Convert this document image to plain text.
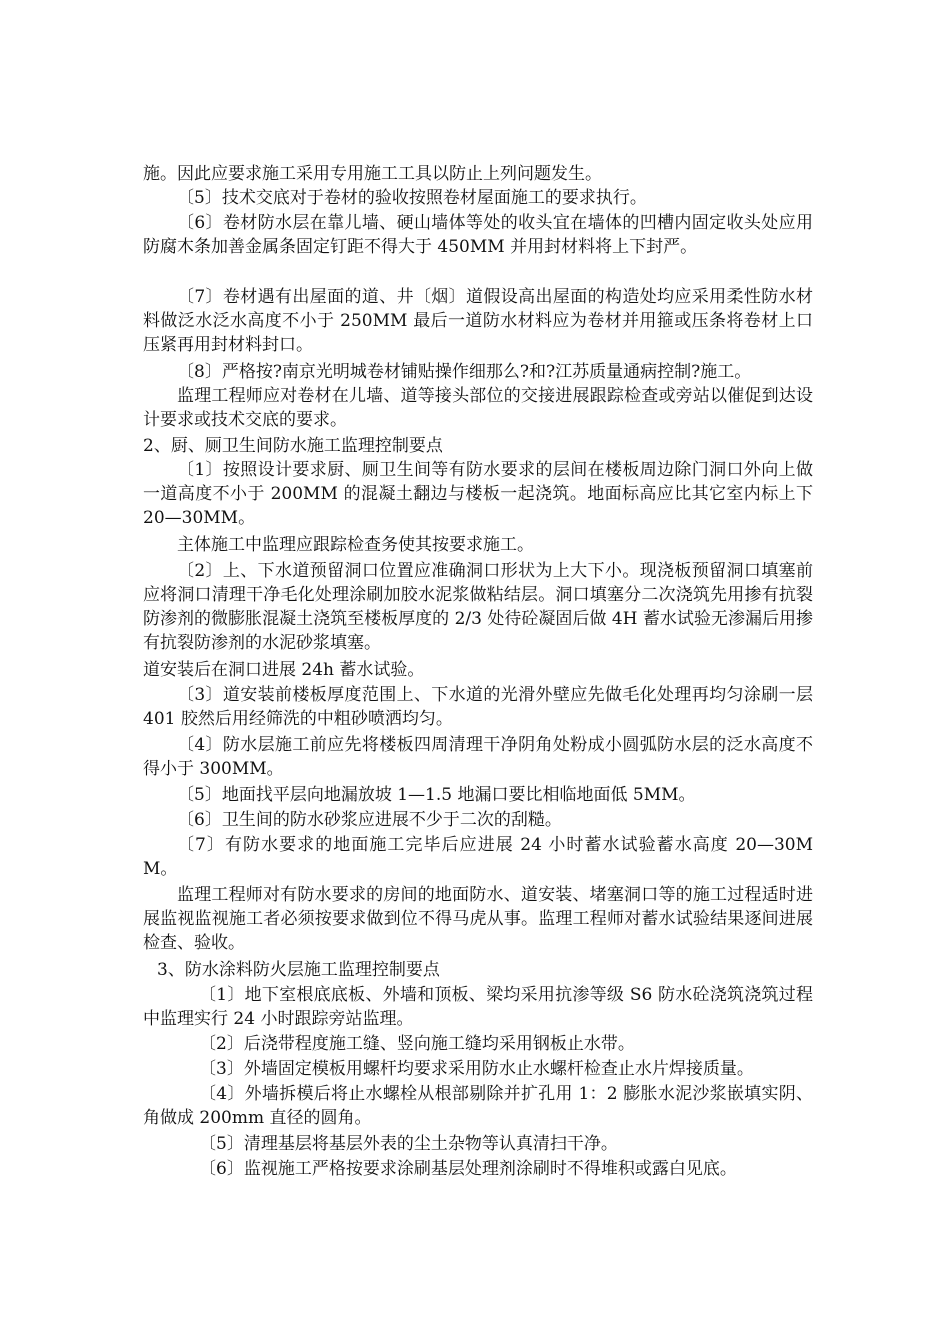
施。因此应要求施工采用专用施工工具以防止上列问题发生。

〔5〕技术交底对于卷材的验收按照卷材屋面施工的要求执行。

〔6〕卷材防水层在靠儿墙、硬山墙体等处的收头宜在墙体的凹槽内固定收头处应用防腐木条加善金属条固定钉距不得大于 450MM 并用封材料将上下封严。

〔7〕卷材遇有出屋面的道、井〔烟〕道假设高出屋面的构造处均应采用柔性防水材料做泛水泛水高度不小于 250MM 最后一道防水材料应为卷材并用箍或压条将卷材上口压紧再用封材料封口。

〔8〕严格按?南京光明城卷材铺贴操作细那么?和?江苏质量通病控制?施工。

监理工程师应对卷材在儿墙、道等接头部位的交接进展跟踪检查或旁站以催促到达设计要求或技术交底的要求。

2、厨、厕卫生间防水施工监理控制要点

〔1〕按照设计要求厨、厕卫生间等有防水要求的层间在楼板周边除门洞口外向上做一道高度不小于 200MM 的混凝土翻边与楼板一起浇筑。地面标高应比其它室内标上下 20—30MM。

主体施工中监理应跟踪检查务使其按要求施工。

〔2〕上、下水道预留洞口位置应准确洞口形状为上大下小。现浇板预留洞口填塞前应将洞口清理干净毛化处理涂刷加胶水泥浆做粘结层。洞口填塞分二次浇筑先用掺有抗裂防渗剂的微膨胀混凝土浇筑至楼板厚度的 2/3 处待砼凝固后做 4H 蓄水试验无渗漏后用掺有抗裂防渗剂的水泥砂浆填塞。

道安装后在洞口进展 24h 蓄水试验。

〔3〕道安装前楼板厚度范围上、下水道的光滑外壁应先做毛化处理再均匀涂刷一层 401 胶然后用经筛洗的中粗砂喷洒均匀。

〔4〕防水层施工前应先将楼板四周清理干净阴角处粉成小圆弧防水层的泛水高度不得小于 300MM。

〔5〕地面找平层向地漏放坡 1—1.5 地漏口要比相临地面低 5MM。

〔6〕卫生间的防水砂浆应进展不少于二次的刮糙。

〔7〕有防水要求的地面施工完毕后应进展 24 小时蓄水试验蓄水高度 20—30MM。

监理工程师对有防水要求的房间的地面防水、道安装、堵塞洞口等的施工过程适时进展监视监视施工者必须按要求做到位不得马虎从事。监理工程师对蓄水试验结果逐间进展检查、验收。

3、防水涂料防火层施工监理控制要点

〔1〕地下室根底底板、外墙和顶板、梁均采用抗渗等级 S6 防水砼浇筑浇筑过程中监理实行 24 小时跟踪旁站监理。

〔2〕后浇带程度施工缝、竖向施工缝均采用钢板止水带。

〔3〕外墙固定模板用螺杆均要求采用防水止水螺杆检查止水片焊接质量。

〔4〕外墙拆模后将止水螺栓从根部剔除并扩孔用 1：2 膨胀水泥沙浆嵌填实阴、角做成 200mm 直径的圆角。

〔5〕清理基层将基层外表的尘土杂物等认真清扫干净。

〔6〕监视施工严格按要求涂刷基层处理剂涂刷时不得堆积或露白见底。
